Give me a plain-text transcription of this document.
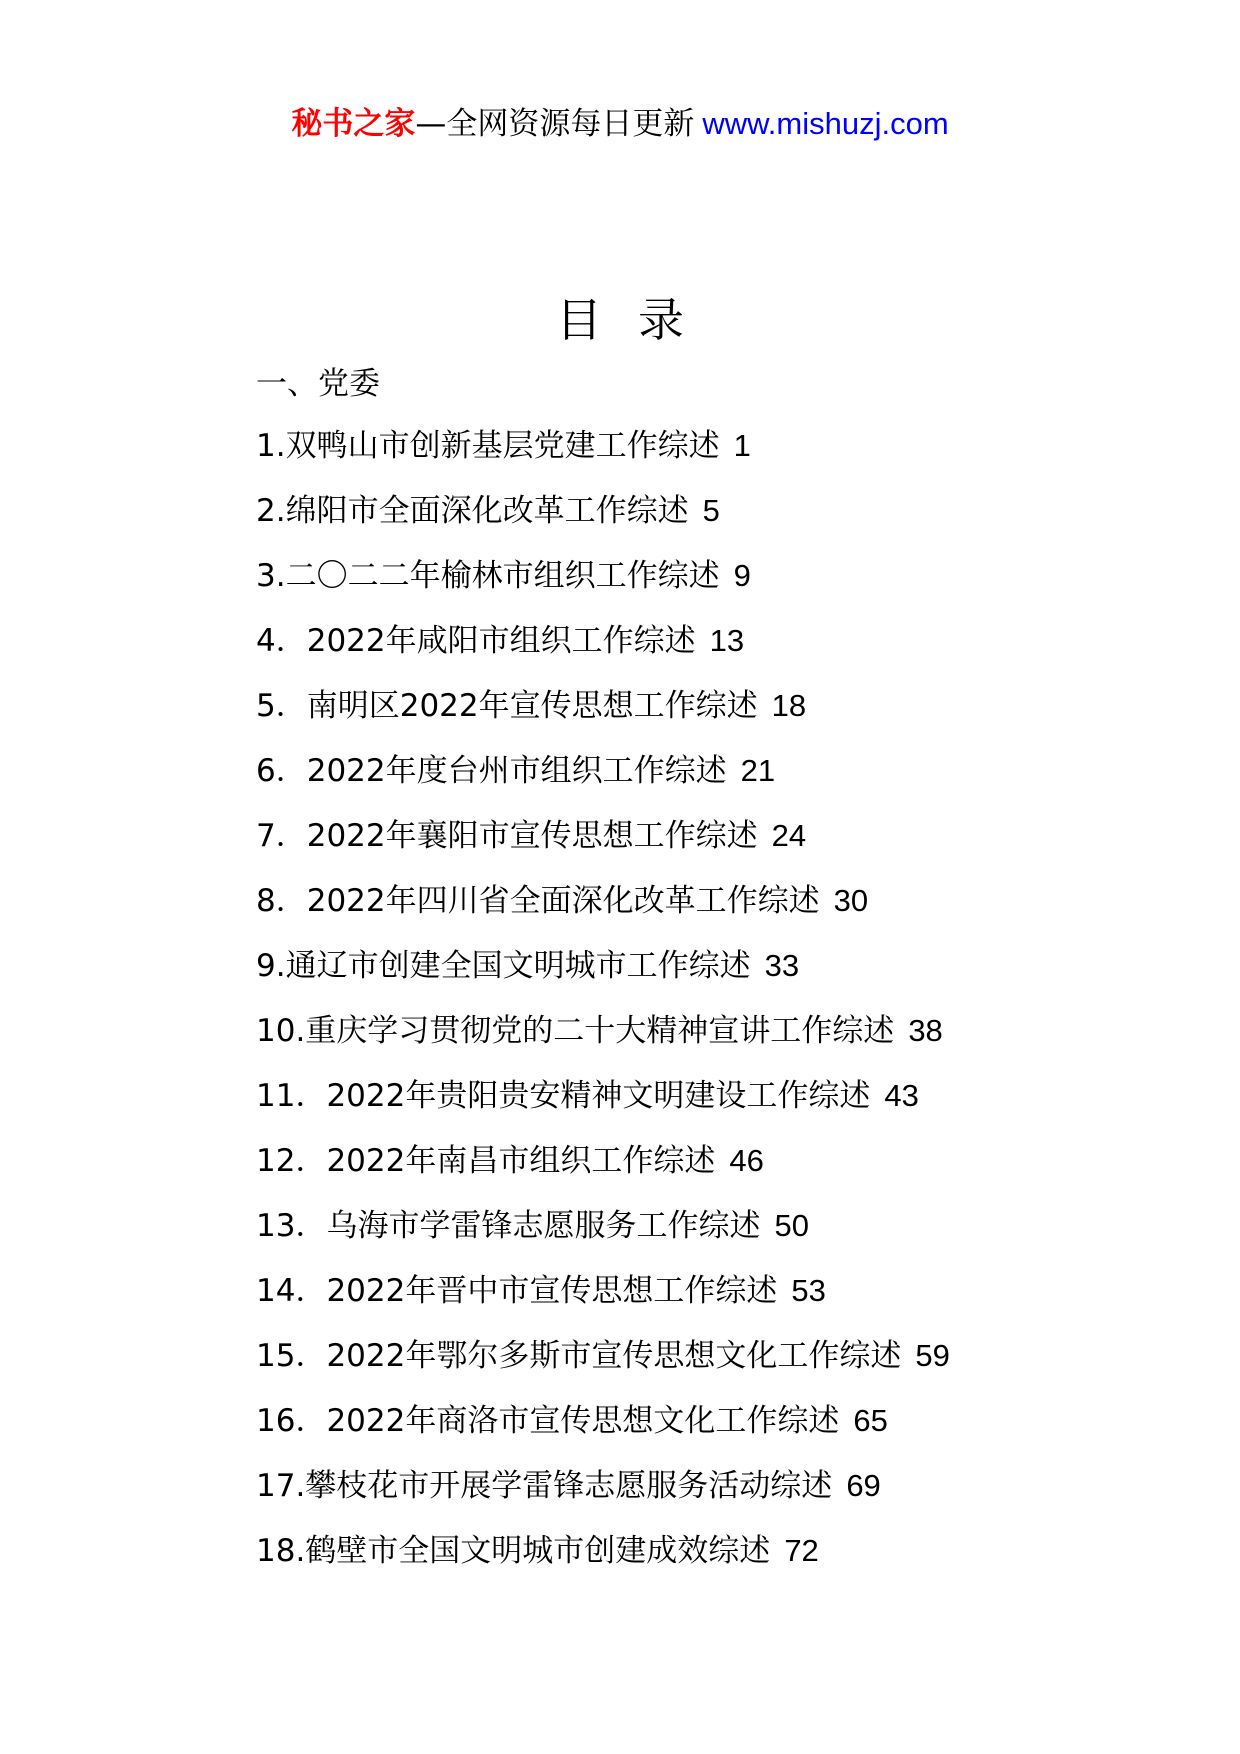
秘书之家—全网资源每日更新 www.mishuzj.com
目录
一、党委
1.双鸭山市创新基层党建工作综述 1
2.绵阳市全面深化改革工作综述 5
3.二〇二二年榆林市组织工作综述 9
4．2022年咸阳市组织工作综述 13
5．南明区2022年宣传思想工作综述 18
6．2022年度台州市组织工作综述 21
7．2022年襄阳市宣传思想工作综述 24
8．2022年四川省全面深化改革工作综述 30
9.通辽市创建全国文明城市工作综述 33
10.重庆学习贯彻党的二十大精神宣讲工作综述 38
11．2022年贵阳贵安精神文明建设工作综述 43
12．2022年南昌市组织工作综述 46
13．乌海市学雷锋志愿服务工作综述 50
14．2022年晋中市宣传思想工作综述 53
15．2022年鄂尔多斯市宣传思想文化工作综述 59
16．2022年商洛市宣传思想文化工作综述 65
17.攀枝花市开展学雷锋志愿服务活动综述 69
18.鹤壁市全国文明城市创建成效综述 72
